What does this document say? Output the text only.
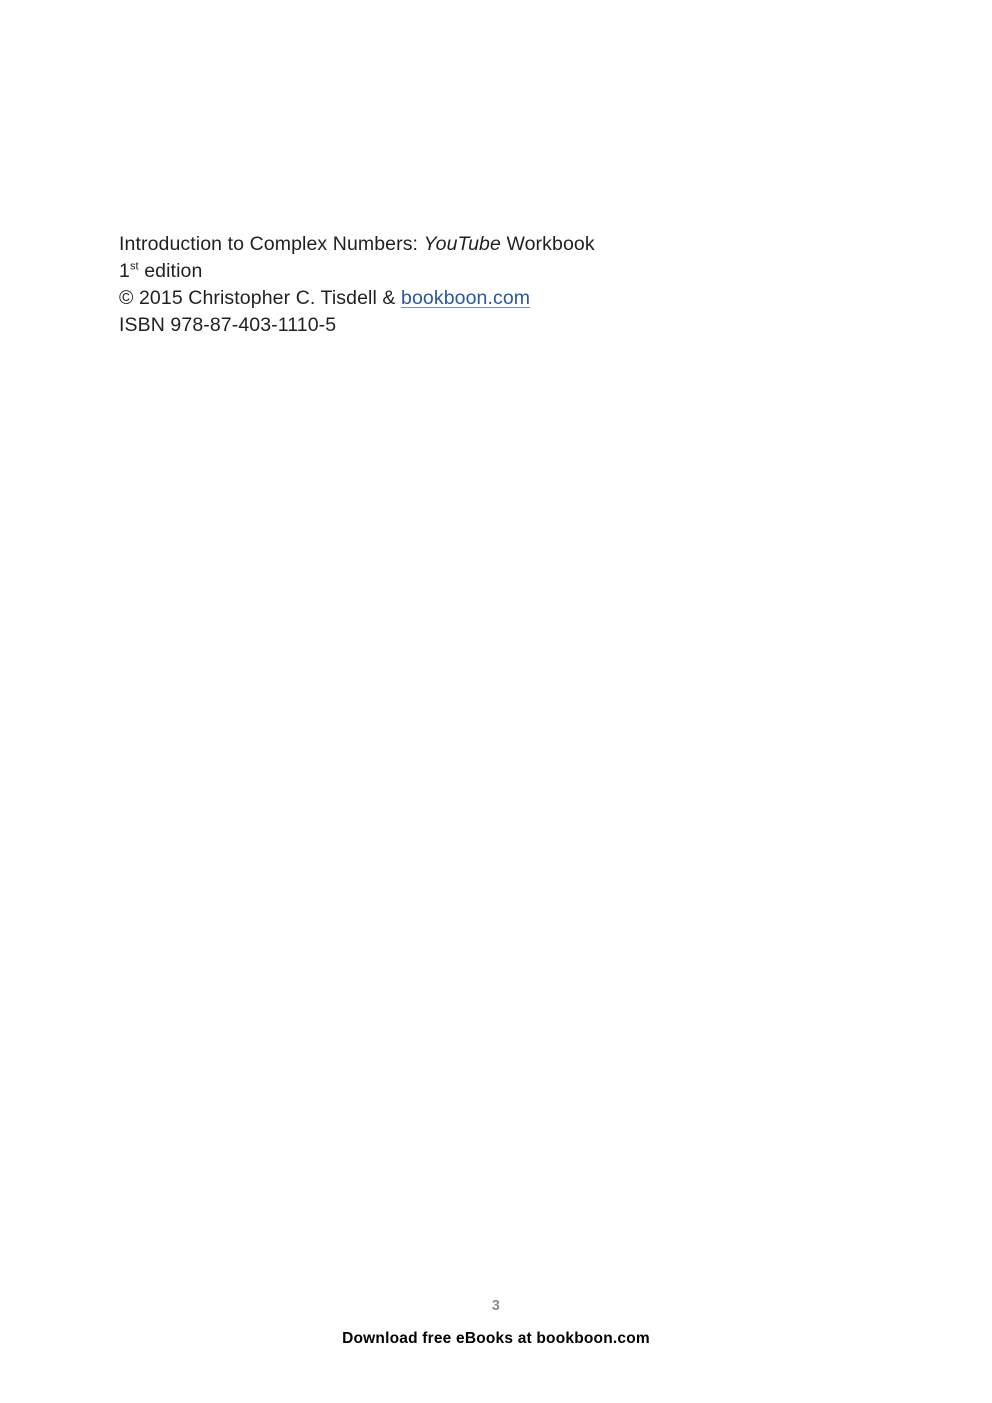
Introduction to Complex Numbers: YouTube Workbook
1st edition
© 2015 Christopher C. Tisdell & bookboon.com
ISBN 978-87-403-1110-5
3
Download free eBooks at bookboon.com
